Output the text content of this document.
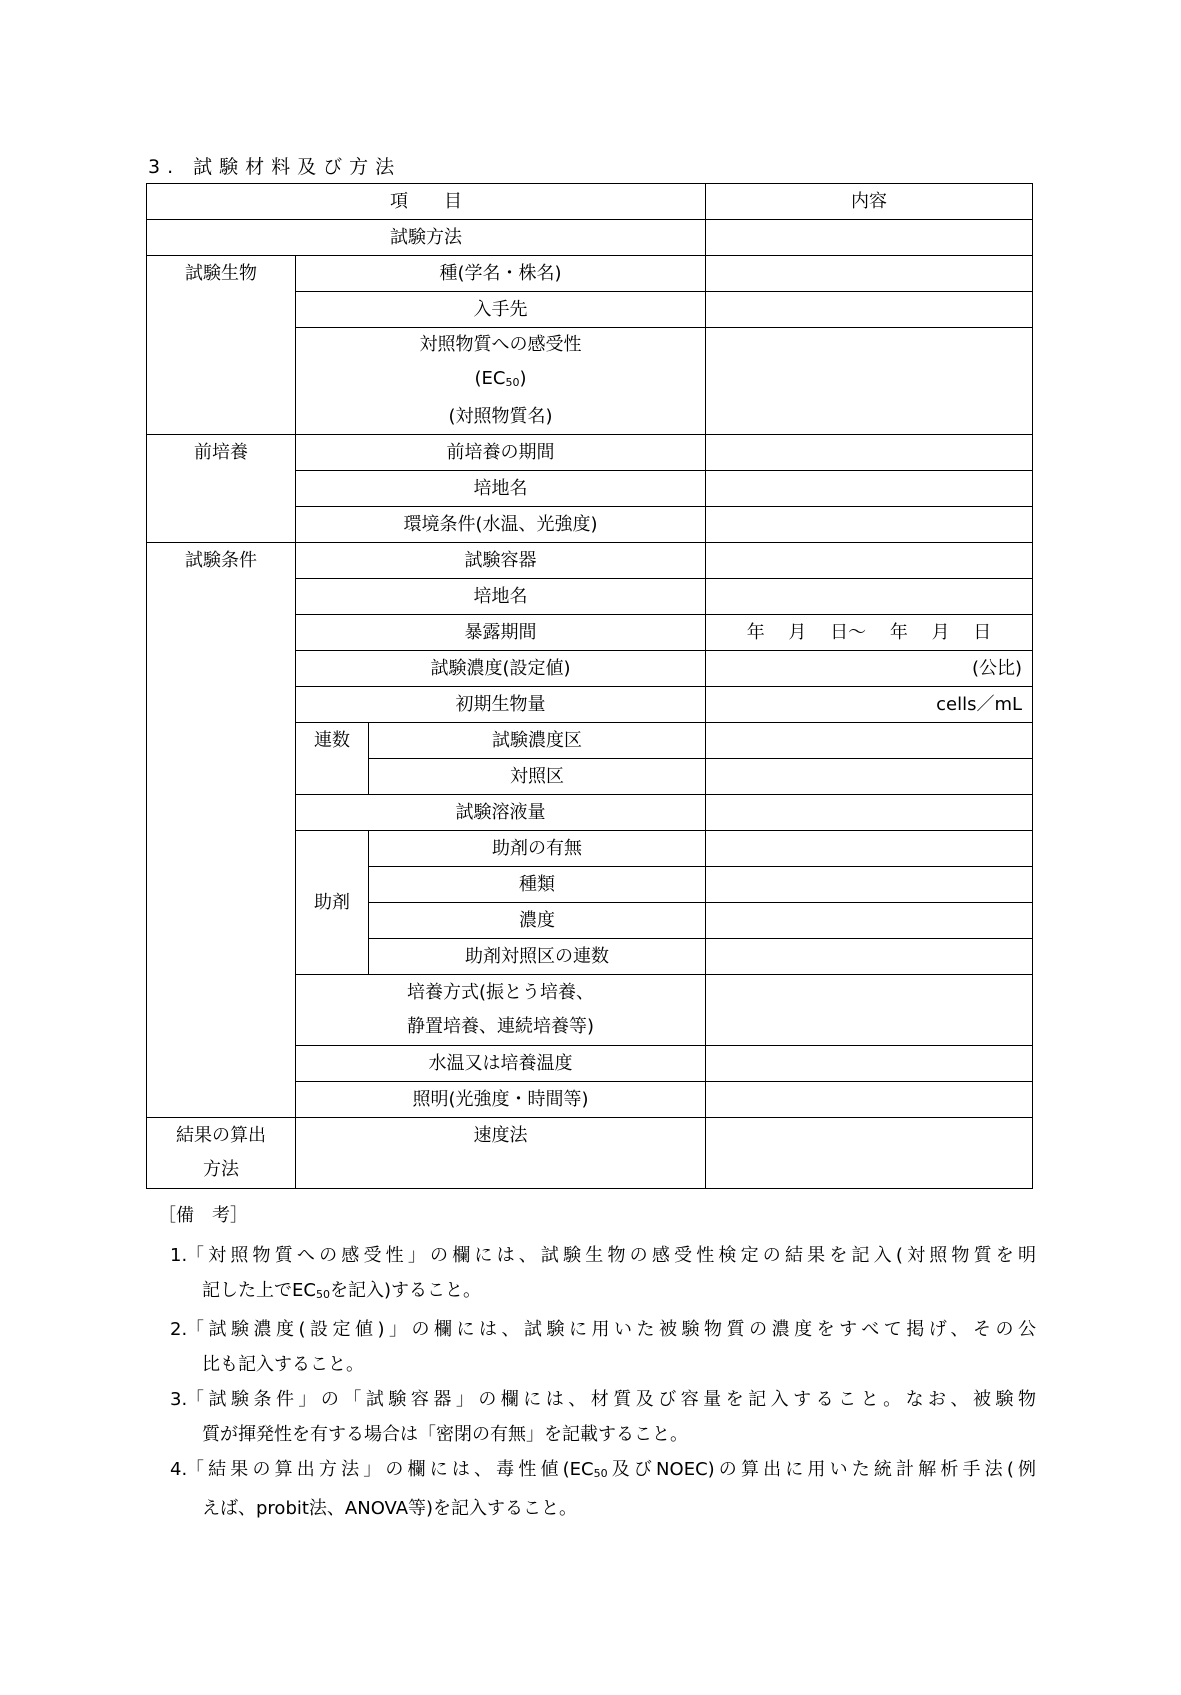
3. 試験材料及び方法
項　　目			内容
試験方法			
試験生物	種(学名・株名)		
	入手先		

	対照物質への感受性
$(EC_{50})$
(対照物質名)		

前培養	前培養の期間		
	培地名		
	環境条件(水温、光強度)		
試験条件	試験容器		
	培地名		
	暴露期間		年　 月　 日～　 年　 月　 日
	試験濃度(設定値)		(公比)
	初期生物量		cells／mL
	連数	試験濃度区	
		対照区	
	試験溶液量		
	助剤	助剤の有無	
		種類	
		濃度	
		助剤対照区の連数	

	培養方式(振とう培養、
静置培養、連続培養等)		

	水温又は培養温度		
	照明(光強度・時間等)		

結果の算出
方法	速度法		
［備　考］
1.
「対照物質への感受性」の欄には、試験生物の感受性検定の結果を記入(対照物質を明
記した上で$EC_{50}$を記入)すること。
2.
「試験濃度(設定値)」の欄には、試験に用いた被験物質の濃度をすべて掲げ、その公
比も記入すること。
3.
「試験条件」の「試験容器」の欄には、材質及び容量を記入すること。なお、被験物
質が揮発性を有する場合は「密閉の有無」を記載すること。
4.
「結果の算出方法」の欄には、毒性値($EC_{50}$及びNOEC)の算出に用いた統計解析手法(例
えば、probit法、ANOVA等)を記入すること。
